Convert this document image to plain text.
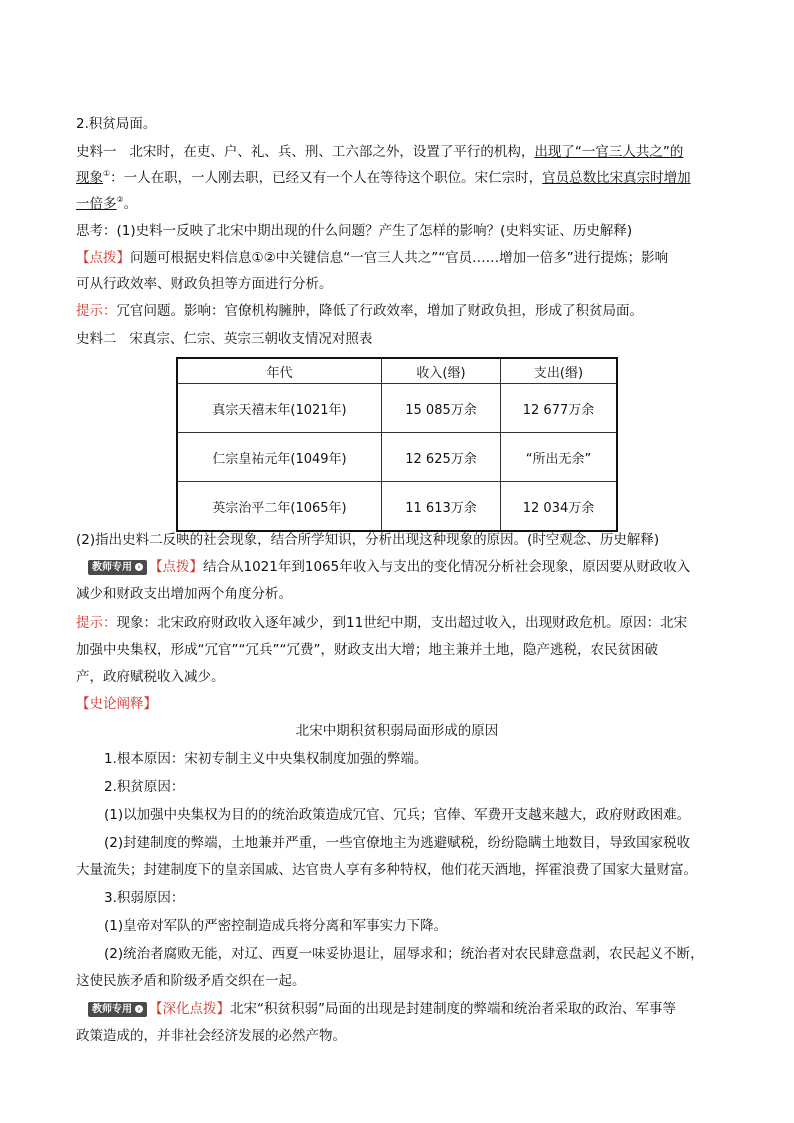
2.积贫局面。
史料一 北宋时，在吏、户、礼、兵、刑、工六部之外，设置了平行的机构，出现了“一官三人共之”的
现象①：一人在职，一人刚去职，已经又有一个人在等待这个职位。宋仁宗时，官员总数比宋真宗时增加
一倍多②。
思考：(1)史料一反映了北宋中期出现的什么问题？产生了怎样的影响？(史料实证、历史解释)
【点拨】问题可根据史料信息①②中关键信息“一官三人共之”“官员……增加一倍多”进行提炼；影响
可从行政效率、财政负担等方面进行分析。
提示：冗官问题。影响：官僚机构臃肿，降低了行政效率，增加了财政负担，形成了积贫局面。
史料二 宋真宗、仁宗、英宗三朝收支情况对照表
年代	收入(缗)	支出(缗)
真宗天禧末年(1021年)	15 085万余	12 677万余
仁宗皇祐元年(1049年)	12 625万余	“所出无余”
英宗治平二年(1065年)	11 613万余	12 034万余
(2)指出史料二反映的社会现象，结合所学知识，分析出现这种现象的原因。(时空观念、历史解释)
教师专用 › 【点拨】结合从1021年到1065年收入与支出的变化情况分析社会现象，原因要从财政收入
减少和财政支出增加两个角度分析。
提示：现象：北宋政府财政收入逐年减少，到11世纪中期，支出超过收入，出现财政危机。原因：北宋
加强中央集权，形成“冗官”“冗兵”“冗费”，财政支出大增；地主兼并土地，隐产逃税，农民贫困破
产，政府赋税收入减少。
【史论阐释】
北宋中期积贫积弱局面形成的原因
1.根本原因：宋初专制主义中央集权制度加强的弊端。
2.积贫原因：
(1)以加强中央集权为目的的统治政策造成冗官、冗兵；官俸、军费开支越来越大，政府财政困难。
(2)封建制度的弊端，土地兼并严重，一些官僚地主为逃避赋税，纷纷隐瞒土地数目，导致国家税收
大量流失；封建制度下的皇亲国戚、达官贵人享有多种特权，他们花天酒地，挥霍浪费了国家大量财富。
3.积弱原因：
(1)皇帝对军队的严密控制造成兵将分离和军事实力下降。
(2)统治者腐败无能，对辽、西夏一味妥协退让，屈辱求和；统治者对农民肆意盘剥，农民起义不断，
这使民族矛盾和阶级矛盾交织在一起。
教师专用 › 【深化点拨】北宋“积贫积弱”局面的出现是封建制度的弊端和统治者采取的政治、军事等
政策造成的，并非社会经济发展的必然产物。
